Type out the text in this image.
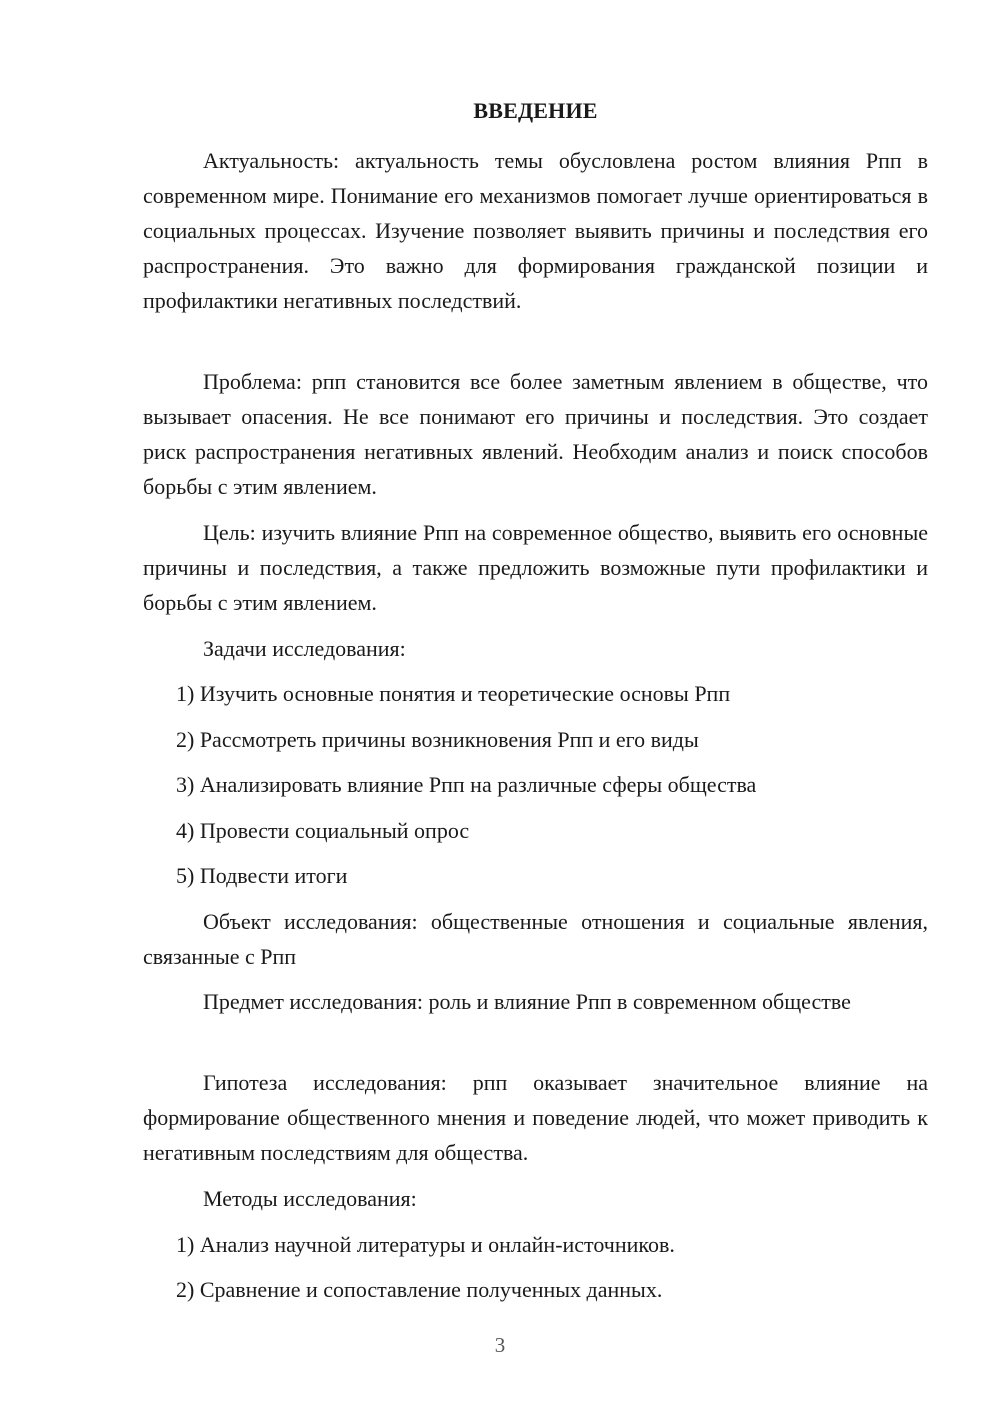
ВВЕДЕНИЕ

Актуальность: актуальность темы обусловлена ростом влияния Рпп в современном мире. Понимание его механизмов помогает лучше ориентироваться в социальных процессах. Изучение позволяет выявить причины и последствия его распространения. Это важно для формирования гражданской позиции и профилактики негативных последствий.

Проблема: рпп становится все более заметным явлением в обществе, что вызывает опасения. Не все понимают его причины и последствия. Это создает риск распространения негативных явлений. Необходим анализ и поиск способов борьбы с этим явлением.

Цель: изучить влияние Рпп на современное общество, выявить его основные причины и последствия, а также предложить возможные пути профилактики и борьбы с этим явлением.

Задачи исследования:

1) Изучить основные понятия и теоретические основы Рпп

2) Рассмотреть причины возникновения Рпп и его виды

3) Анализировать влияние Рпп на различные сферы общества

4) Провести социальный опрос

5) Подвести итоги

Объект исследования: общественные отношения и социальные явления, связанные с Рпп

Предмет исследования: роль и влияние Рпп в современном обществе

Гипотеза исследования: рпп оказывает значительное влияние на формирование общественного мнения и поведение людей, что может приводить к негативным последствиям для общества.

Методы исследования:

1) Анализ научной литературы и онлайн-источников.

2) Сравнение и сопоставление полученных данных.

3
